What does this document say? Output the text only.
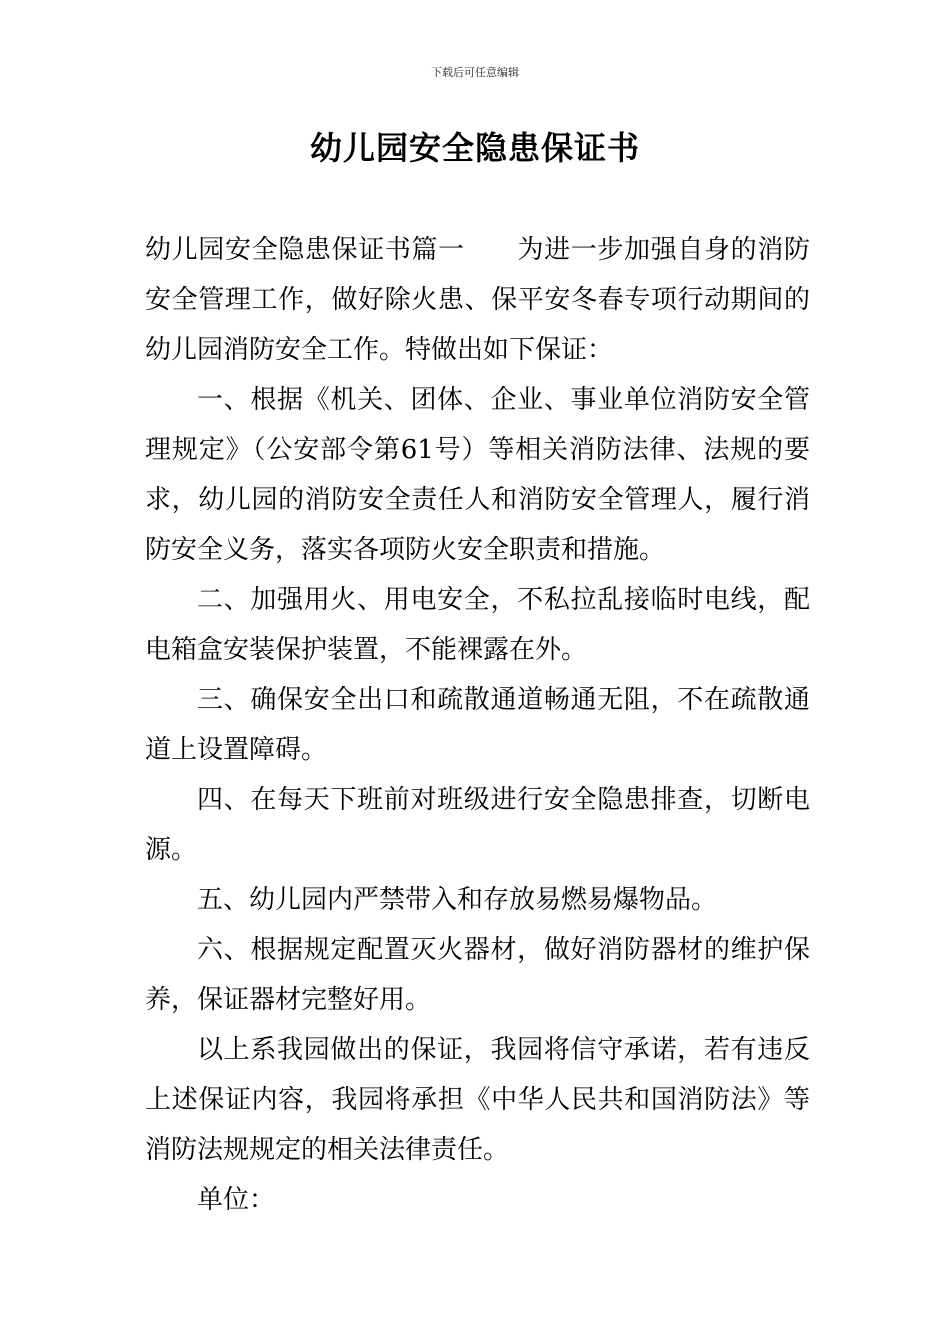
下载后可任意编辑
幼儿园安全隐患保证书

幼儿园安全隐患保证书篇一 为进一步加强自身的消防安全管理工作，做好除火患、保平安冬春专项行动期间的幼儿园消防安全工作。特做出如下保证：

一、根据《机关、团体、企业、事业单位消防安全管理规定》（公安部令第61号）等相关消防法律、法规的要求，幼儿园的消防安全责任人和消防安全管理人，履行消防安全义务，落实各项防火安全职责和措施。

二、加强用火、用电安全，不私拉乱接临时电线，配电箱盒安装保护装置，不能裸露在外。

三、确保安全出口和疏散通道畅通无阻，不在疏散通道上设置障碍。

四、在每天下班前对班级进行安全隐患排查，切断电源。

五、幼儿园内严禁带入和存放易燃易爆物品。

六、根据规定配置灭火器材，做好消防器材的维护保养，保证器材完整好用。

以上系我园做出的保证，我园将信守承诺，若有违反上述保证内容，我园将承担《中华人民共和国消防法》等消防法规规定的相关法律责任。

单位：
